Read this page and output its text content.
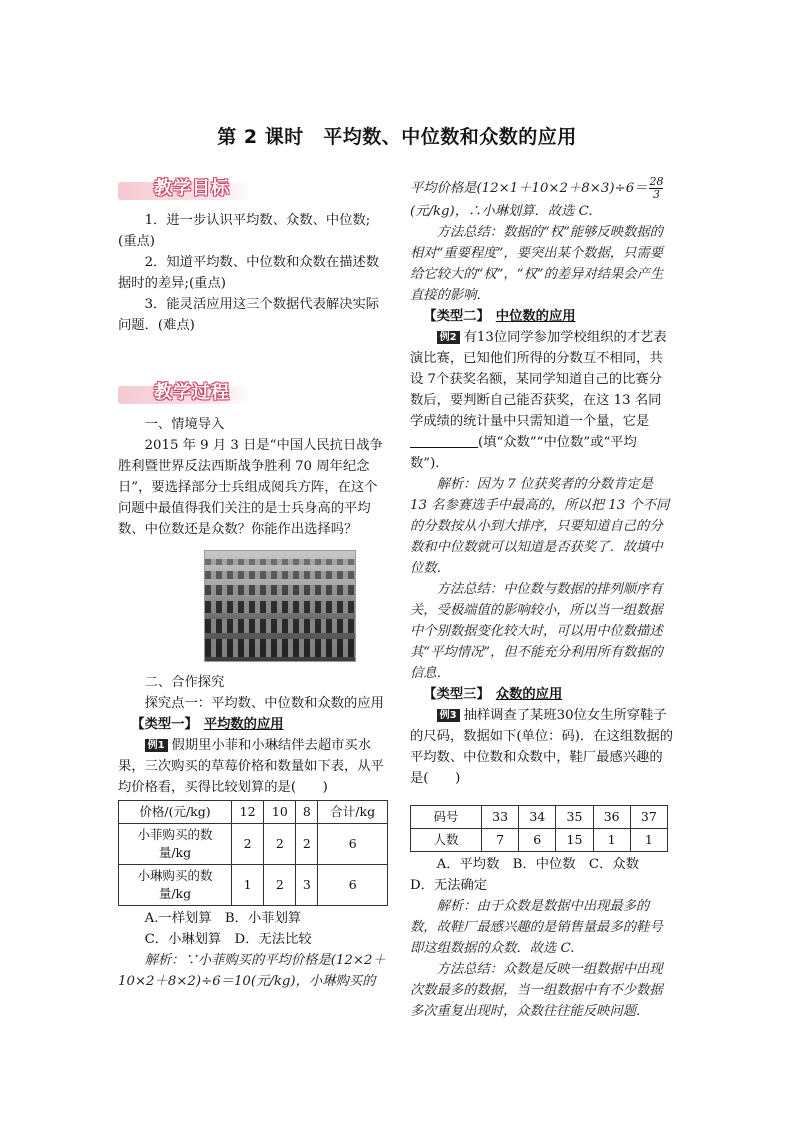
第 2 课时　平均数、中位数和众数的应用
教学目标

1．进一步认识平均数、众数、中位数;(重点)

2．知道平均数、中位数和众数在描述数据时的差异;(重点)

3．能灵活应用这三个数据代表解决实际问题．(难点)

教学过程

一、情境导入

2015 年 9 月 3 日是“中国人民抗日战争胜利暨世界反法西斯战争胜利 70 周年纪念日”，要选择部分士兵组成阅兵方阵，在这个问题中最值得我们关注的是士兵身高的平均数、中位数还是众数？你能作出选择吗？

二、合作探究

探究点一：平均数、中位数和众数的应用

【类型一】 平均数的应用

例1 假期里小菲和小琳结伴去超市买水果，三次购买的草莓价格和数量如下表，从平均价格看，买得比较划算的是(　　)

价格/(元/kg)	12	10	8	合计/kg
小菲购买的数量/kg	2	2	2	6
小琳购买的数量/kg	1	2	3	6

A.一样划算　B．小菲划算

C．小琳划算　D．无法比较

解析：∵小菲购买的平均价格是(12×2＋10×2＋8×2)÷6＝10(元/kg)，小琳购买的

平均价格是$(12\times 1+10\times 2+8\times 3)\div 6= \frac{28}{3}$
(元/kg)，∴小琳划算．故选 C.

方法总结：数据的“权”能够反映数据的相对“重要程度”，要突出某个数据，只需要给它较大的“权”，“权”的差异对结果会产生直接的影响．

【类型二】 中位数的应用

例2 有13位同学参加学校组织的才艺表演比赛，已知他们所得的分数互不相同，共设 7个获奖名额，某同学知道自己的比赛分数后，要判断自己能否获奖，在这 13 名同学成绩的统计量中只需知道一个量，它是(填“众数”“中位数”或“平均数”)．

解析：因为 7 位获奖者的分数肯定是 13 名参赛选手中最高的，所以把 13 个不同的分数按从小到大排序，只要知道自己的分数和中位数就可以知道是否获奖了．故填中位数．

方法总结：中位数与数据的排列顺序有关，受极端值的影响较小，所以当一组数据中个别数据变化较大时，可以用中位数描述其“平均情况”，但不能充分利用所有数据的信息．

【类型三】 众数的应用

例3 抽样调查了某班30位女生所穿鞋子的尺码，数据如下(单位：码)．在这组数据的平均数、中位数和众数中，鞋厂最感兴趣的是(　　)

码号	33	34	35	36	37
人数	7	6	15	1	1

A．平均数　B．中位数　C．众数

D．无法确定

解析：由于众数是数据中出现最多的数，故鞋厂最感兴趣的是销售量最多的鞋号即这组数据的众数．故选 C.

方法总结：众数是反映一组数据中出现次数最多的数据，当一组数据中有不少数据多次重复出现时，众数往往能反映问题．
